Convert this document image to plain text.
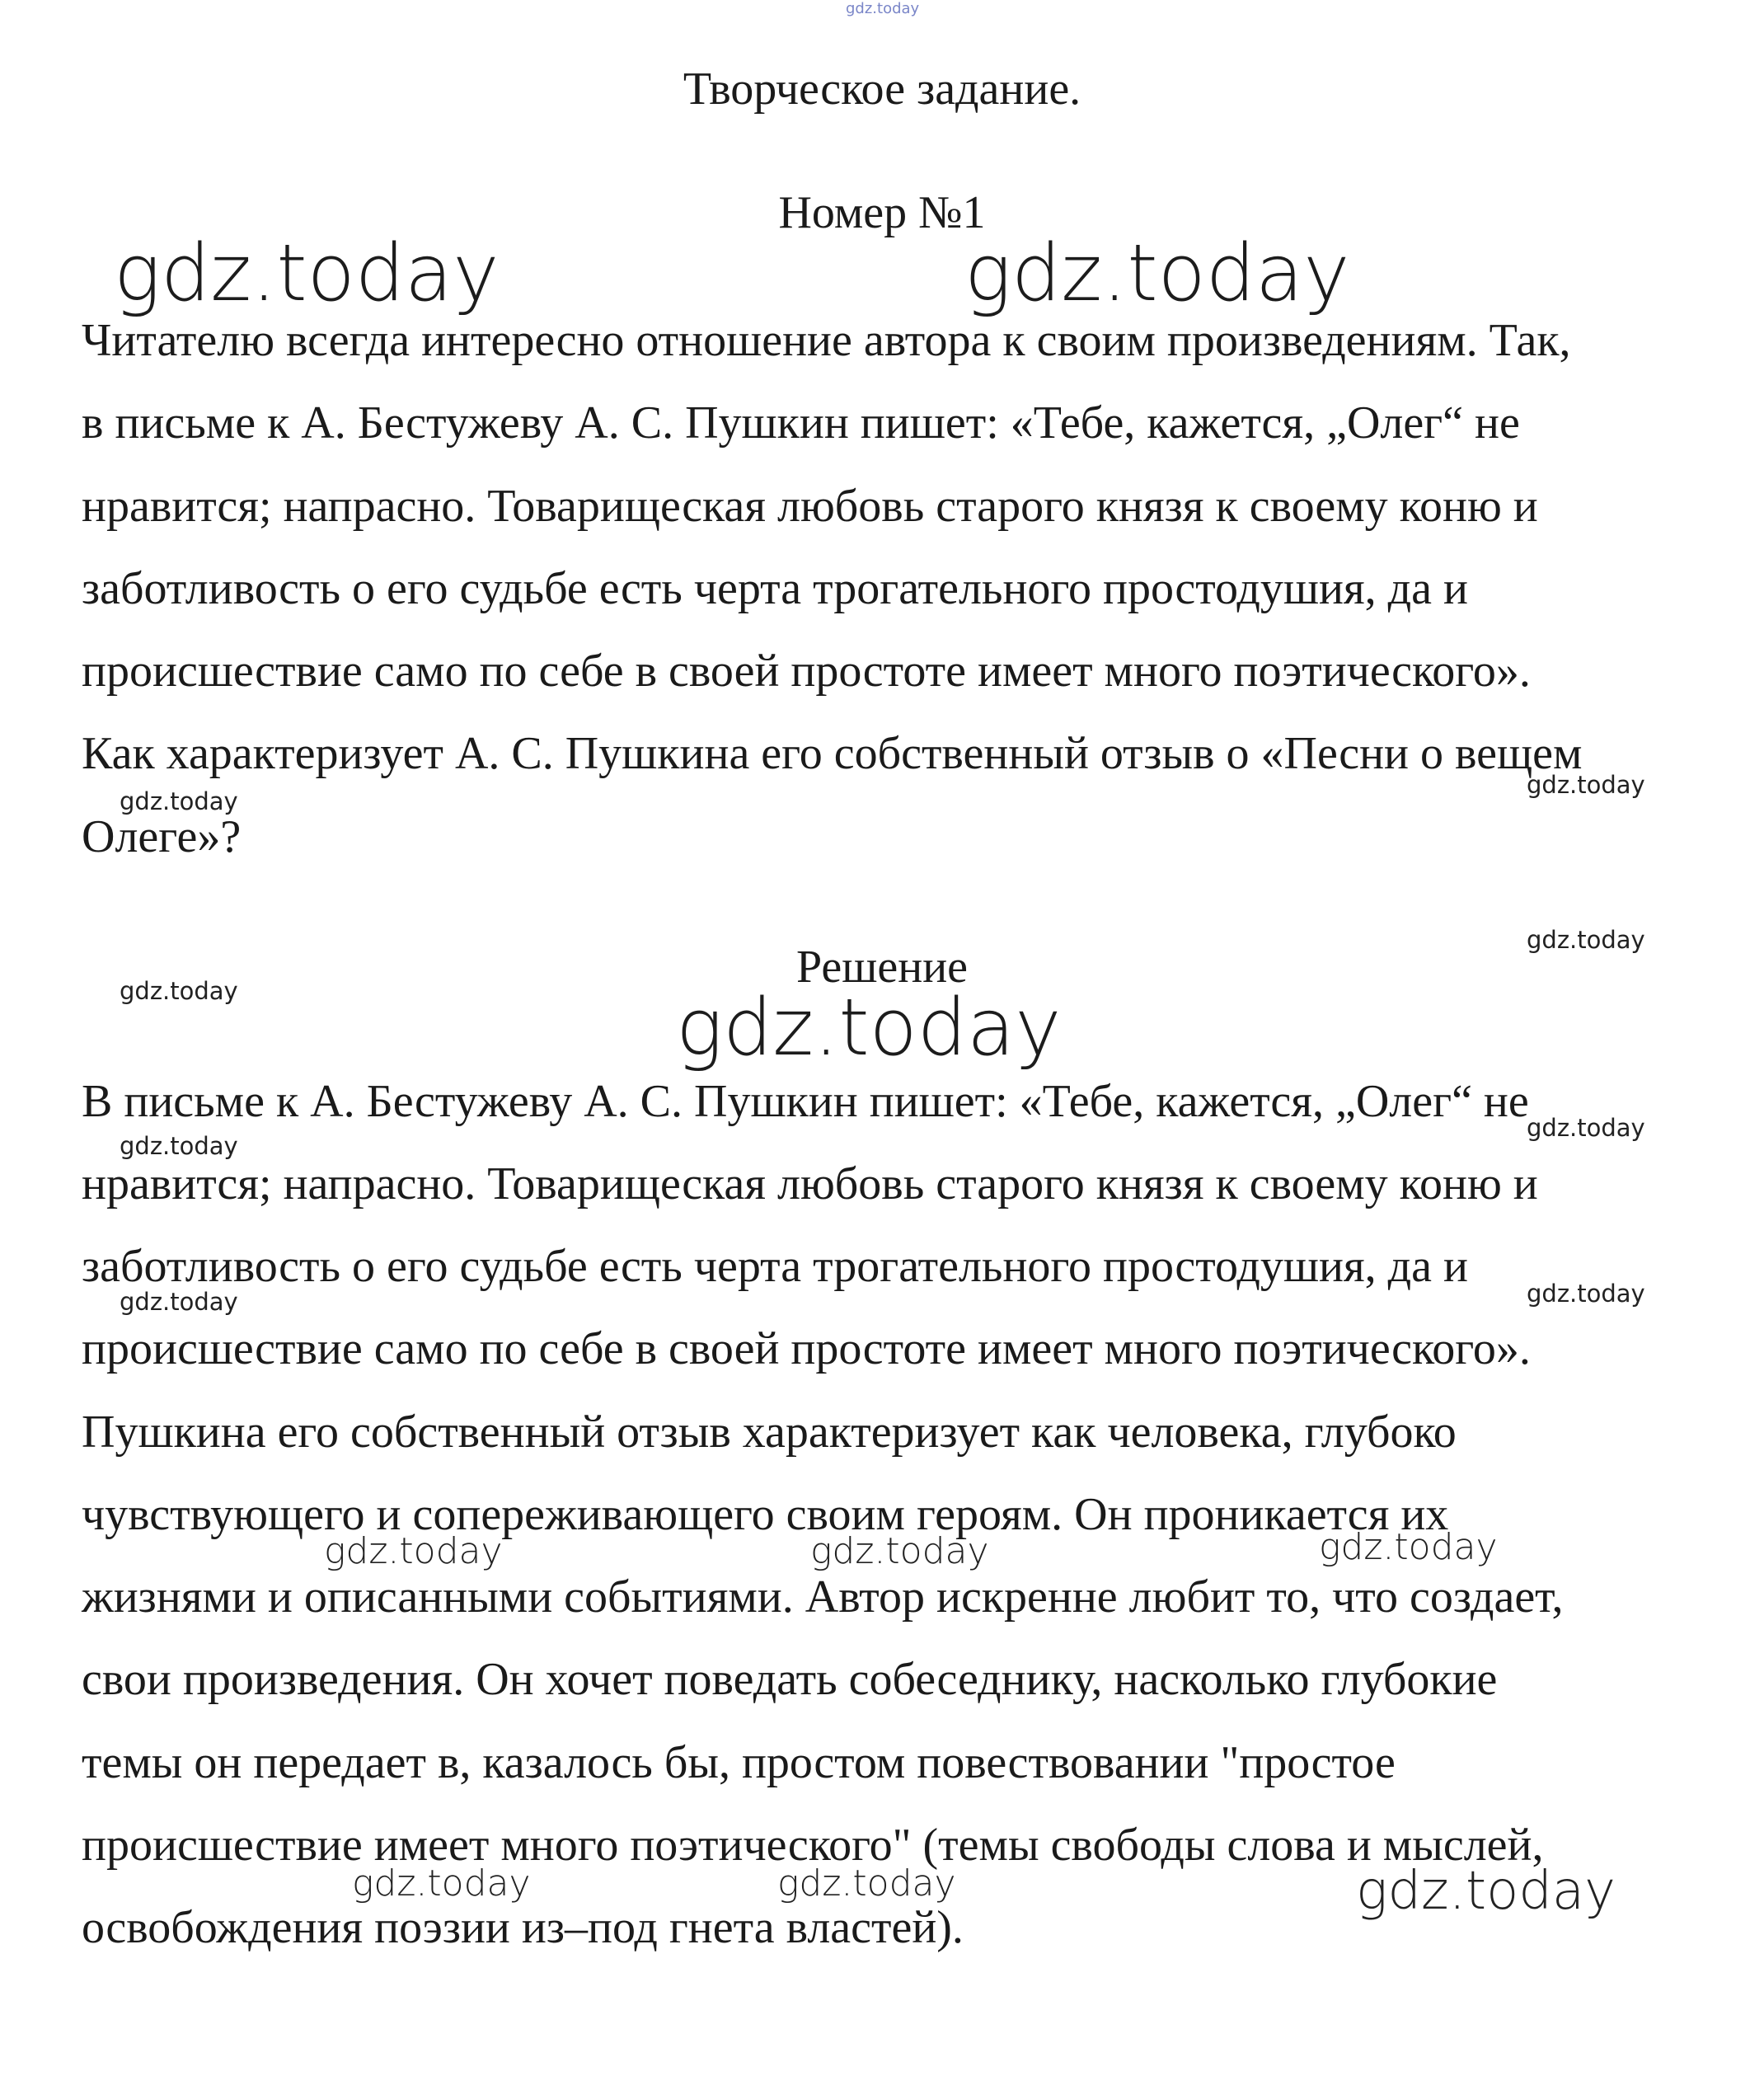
gdz.today
Творческое задание.
Номер №1
gdz.today	gdz.today
Читателю всегда интересно отношение автора к своим произведениям. Так,
в письме к А. Бестужеву А. С. Пушкин пишет: «Тебе, кажется, „Олег“ не
нравится; напрасно. Товарищеская любовь старого князя к своему коню и
заботливость о его судьбе есть черта трогательного простодушия, да и
происшествие само по себе в своей простоте имеет много поэтического».
Как характеризует А. С. Пушкина его собственный отзыв о «Песни о вещем
Олеге»?
gdz.today
gdz.today
gdz.today
gdz.today	Решение
gdz.today
В письме к А. Бестужеву А. С. Пушкин пишет: «Тебе, кажется, „Олег“ не
нравится; напрасно. Товарищеская любовь старого князя к своему коню и
заботливость о его судьбе есть черта трогательного простодушия, да и
происшествие само по себе в своей простоте имеет много поэтического».
Пушкина его собственный отзыв характеризует как человека, глубоко
чувствующего и сопереживающего своим героям. Он проникается их
жизнями и описанными событиями. Автор искренне любит то, что создает,
свои произведения. Он хочет поведать собеседнику, насколько глубокие
темы он передает в, казалось бы, простом повествовании "простое
происшествие имеет много поэтического" (темы свободы слова и мыслей,
освобождения поэзии из–под гнета властей).
gdz.today
gdz.today
gdz.today	gdz.today
gdz.today	gdz.today	gdz.today
gdz.today	gdz.today	gdz.today
